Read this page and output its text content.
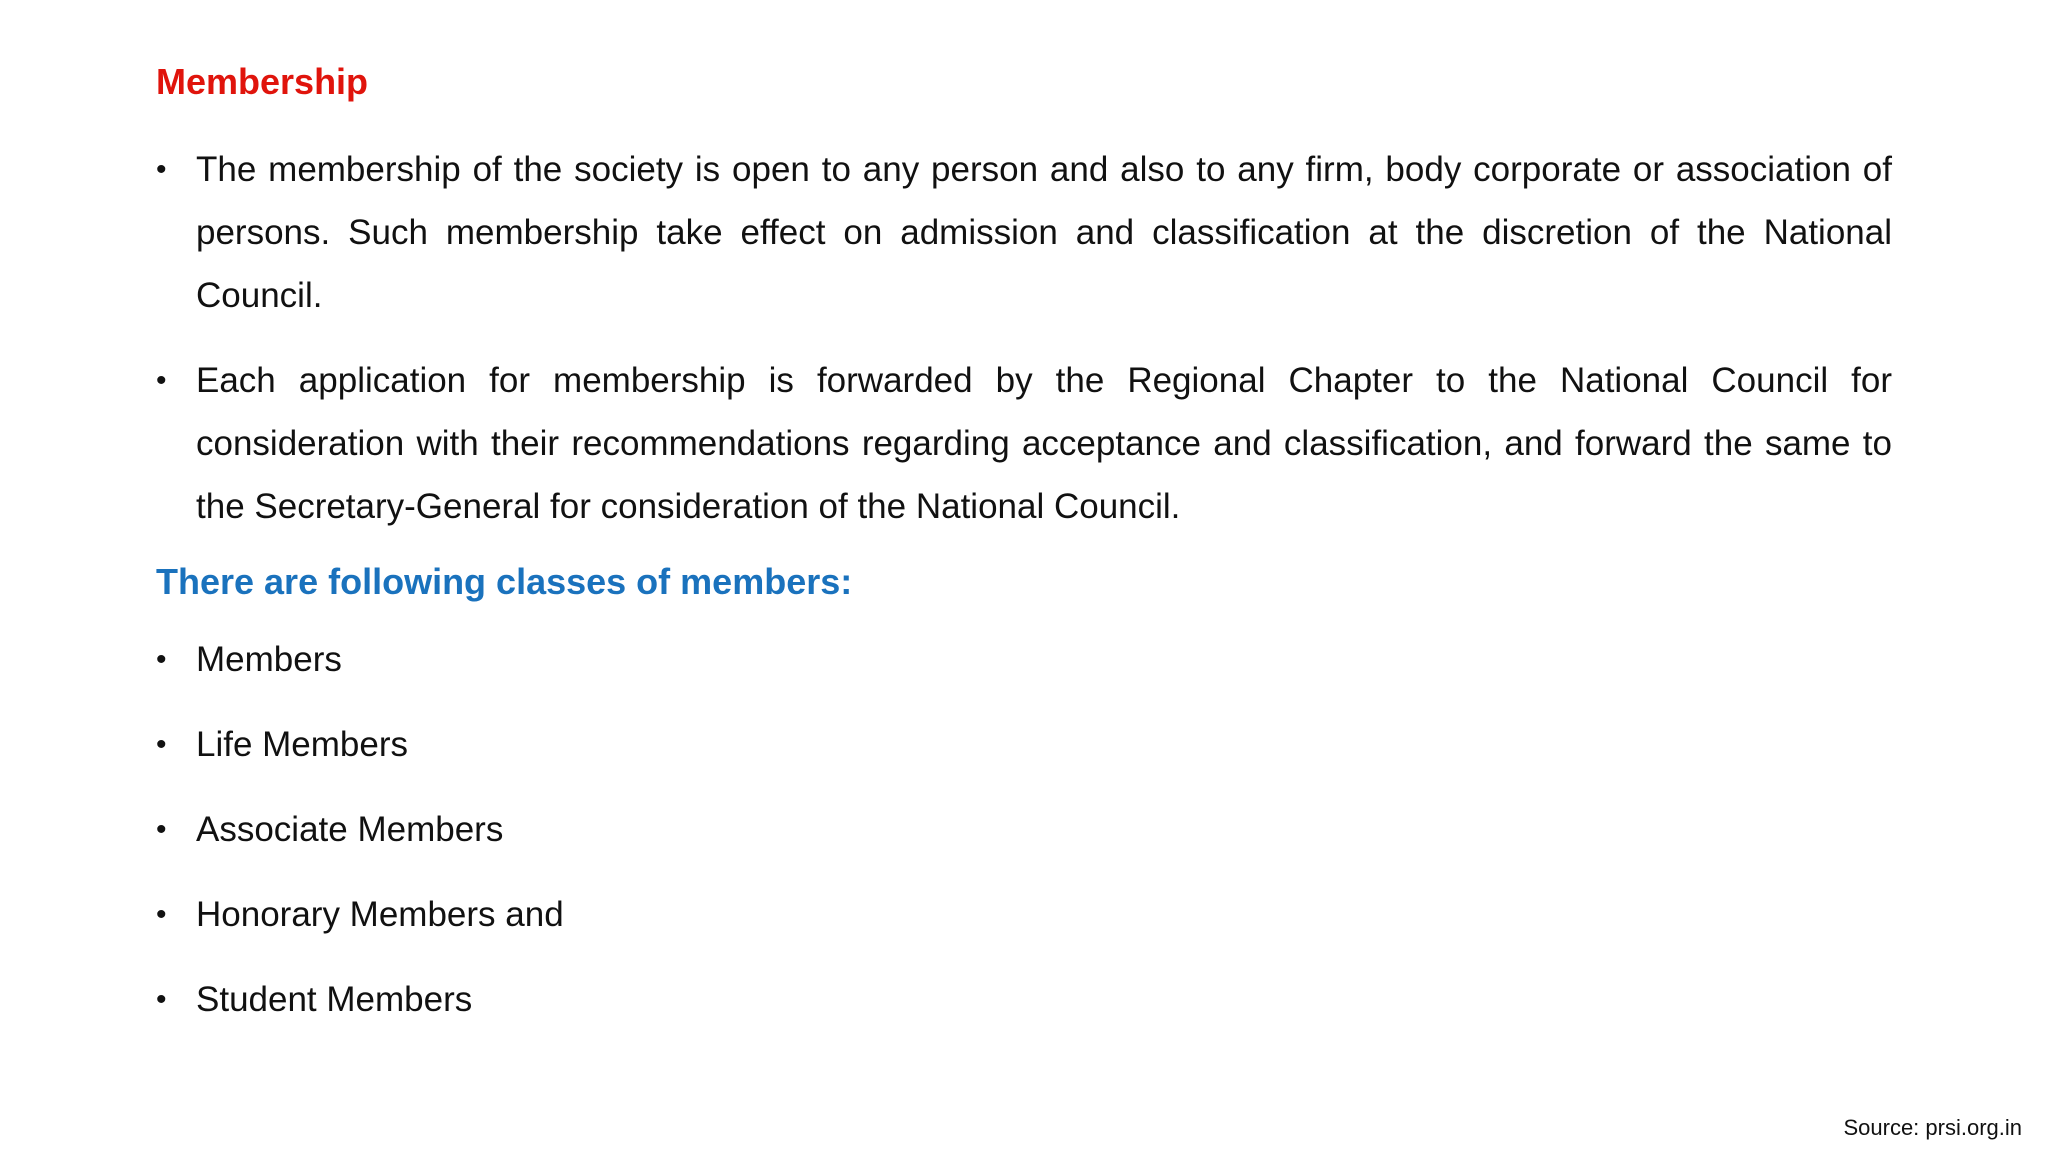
Membership
• The membership of the society is open to any person and also to any firm, body corporate or association of persons. Such membership take effect on admission and classification at the discretion of the National Council.
• Each application for membership is forwarded by the Regional Chapter to the National Council for consideration with their recommendations regarding acceptance and classification, and forward the same to the Secretary-General for consideration of the National Council.
There are following classes of members:
• Members
• Life Members
• Associate Members
• Honorary Members and
• Student Members
Source: prsi.org.in
